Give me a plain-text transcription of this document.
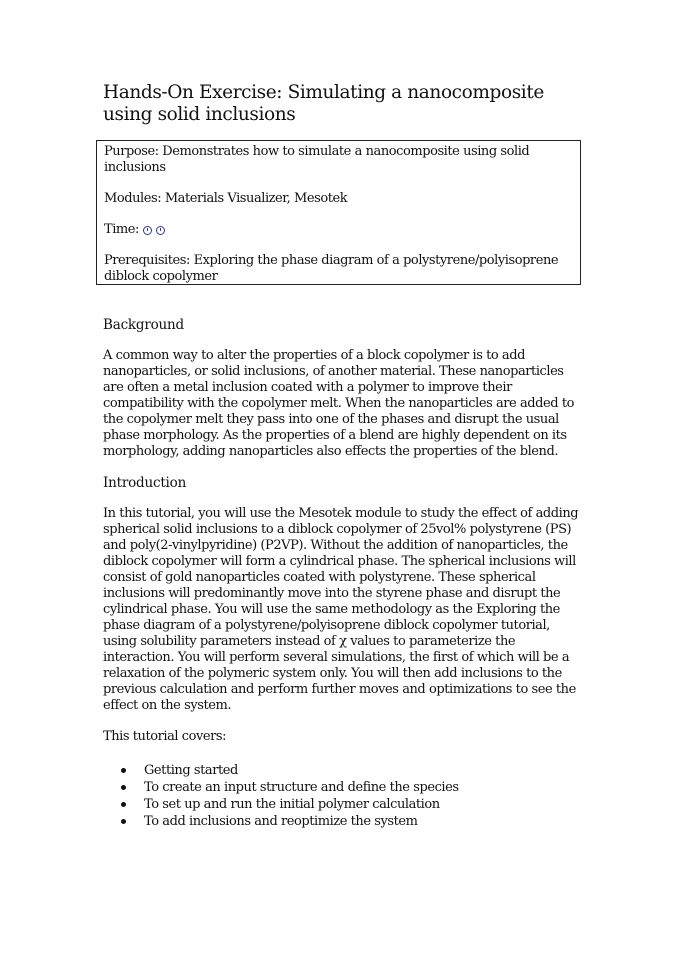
Hands-On Exercise: Simulating a nanocomposite using solid inclusions

Purpose: Demonstrates how to simulate a nanocomposite using solid inclusions

Modules: Materials Visualizer, Mesotek

Time:

Prerequisites: Exploring the phase diagram of a polystyrene/polyisoprene diblock copolymer

Background

A common way to alter the properties of a block copolymer is to add nanoparticles, or solid inclusions, of another material. These nanoparticles are often a metal inclusion coated with a polymer to improve their compatibility with the copolymer melt. When the nanoparticles are added to the copolymer melt they pass into one of the phases and disrupt the usual phase morphology. As the properties of a blend are highly dependent on its morphology, adding nanoparticles also effects the properties of the blend.

Introduction

In this tutorial, you will use the Mesotek module to study the effect of adding spherical solid inclusions to a diblock copolymer of 25vol% polystyrene (PS) and poly(2-vinylpyridine) (P2VP). Without the addition of nanoparticles, the diblock copolymer will form a cylindrical phase. The spherical inclusions will consist of gold nanoparticles coated with polystyrene. These spherical inclusions will predominantly move into the styrene phase and disrupt the cylindrical phase. You will use the same methodology as the Exploring the phase diagram of a polystyrene/polyisoprene diblock copolymer tutorial, using solubility parameters instead of χ values to parameterize the interaction. You will perform several simulations, the first of which will be a relaxation of the polymeric system only. You will then add inclusions to the previous calculation and perform further moves and optimizations to see the effect on the system.

This tutorial covers:

Getting started
To create an input structure and define the species
To set up and run the initial polymer calculation
To add inclusions and reoptimize the system
